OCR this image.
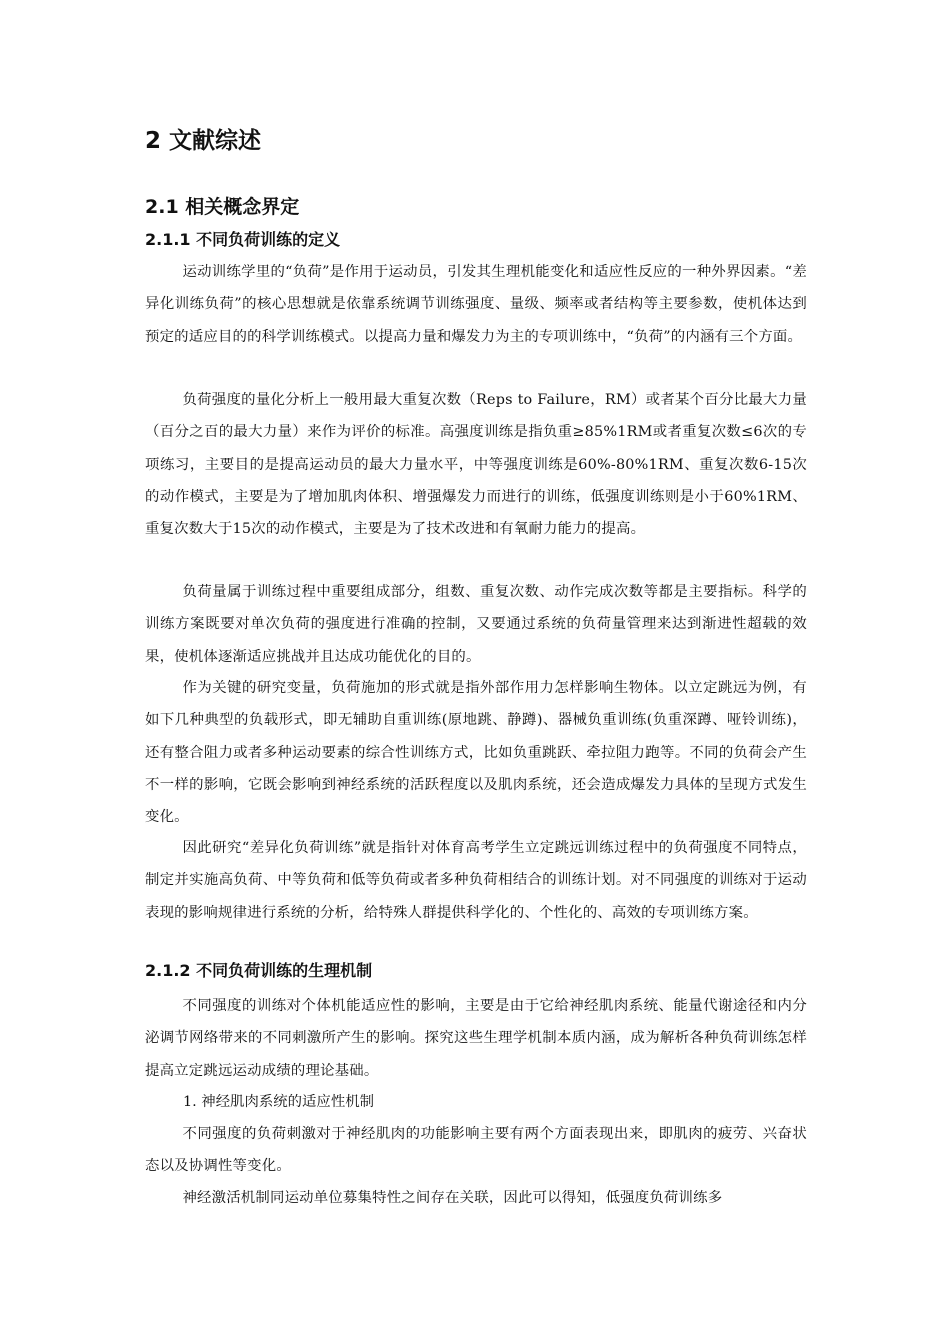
2 文献综述
2.1 相关概念界定
2.1.1 不同负荷训练的定义

运动训练学里的“负荷”是作用于运动员，引发其生理机能变化和适应性反应的一种外界因素。“差异化训练负荷”的核心思想就是依靠系统调节训练强度、量级、频率或者结构等主要参数，使机体达到预定的适应目的的科学训练模式。以提高力量和爆发力为主的专项训练中，“负荷”的内涵有三个方面。

负荷强度的量化分析上一般用最大重复次数（Reps to Failure，RM）或者某个百分比最大力量（百分之百的最大力量）来作为评价的标准。高强度训练是指负重≥85%1RM或者重复次数≤6次的专项练习，主要目的是提高运动员的最大力量水平，中等强度训练是60%-80%1RM、重复次数6-15次的动作模式，主要是为了增加肌肉体积、增强爆发力而进行的训练，低强度训练则是小于60%1RM、重复次数大于15次的动作模式，主要是为了技术改进和有氧耐力能力的提高。

负荷量属于训练过程中重要组成部分，组数、重复次数、动作完成次数等都是主要指标。科学的训练方案既要对单次负荷的强度进行准确的控制，又要通过系统的负荷量管理来达到渐进性超载的效果，使机体逐渐适应挑战并且达成功能优化的目的。

作为关键的研究变量，负荷施加的形式就是指外部作用力怎样影响生物体。以立定跳远为例，有如下几种典型的负载形式，即无辅助自重训练(原地跳、静蹲)、器械负重训练(负重深蹲、哑铃训练)，还有整合阻力或者多种运动要素的综合性训练方式，比如负重跳跃、牵拉阻力跑等。不同的负荷会产生不一样的影响，它既会影响到神经系统的活跃程度以及肌肉系统，还会造成爆发力具体的呈现方式发生变化。

因此研究“差异化负荷训练”就是指针对体育高考学生立定跳远训练过程中的负荷强度不同特点，制定并实施高负荷、中等负荷和低等负荷或者多种负荷相结合的训练计划。对不同强度的训练对于运动表现的影响规律进行系统的分析，给特殊人群提供科学化的、个性化的、高效的专项训练方案。

2.1.2 不同负荷训练的生理机制

不同强度的训练对个体机能适应性的影响，主要是由于它给神经肌肉系统、能量代谢途径和内分泌调节网络带来的不同刺激所产生的影响。探究这些生理学机制本质内涵，成为解析各种负荷训练怎样提高立定跳远运动成绩的理论基础。

1. 神经肌肉系统的适应性机制

不同强度的负荷刺激对于神经肌肉的功能影响主要有两个方面表现出来，即肌肉的疲劳、兴奋状态以及协调性等变化。

神经激活机制同运动单位募集特性之间存在关联，因此可以得知，低强度负荷训练多
